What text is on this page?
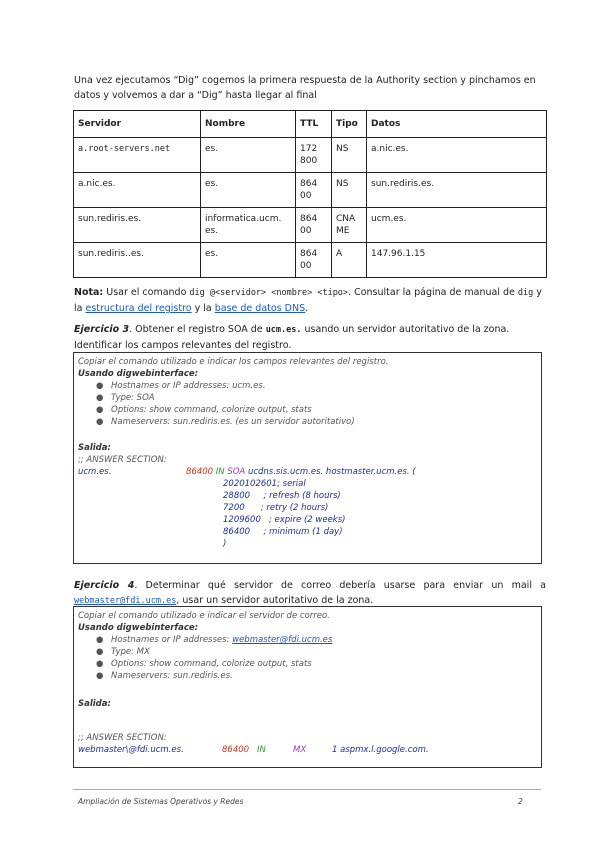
Una vez ejecutamos “Dig” cogemos la primera respuesta de la Authority section y pinchamos en datos y volvemos a dar a “Dig” hasta llegar al final
Servidor	Nombre	TTL	Tipo	Datos
a.root-servers.net	es.	172 800	NS	a.nic.es.
a.nic.es.	es.	864 00	NS	sun.rediris.es.
sun.rediris.es.	informatica.ucm. es.	864 00	CNA ME	ucm.es.
sun.rediris..es.	es.	864 00	A	147.96.1.15
Nota: Usar el comando dig @<servidor> <nombre> <tipo>. Consultar la página de manual de dig y la estructura del registro y la base de datos DNS.
Ejercicio 3. Obtener el registro SOA de ucm.es. usando un servidor autoritativo de la zona. Identificar los campos relevantes del registro.
Copiar el comando utilizado e indicar los campos relevantes del registro.
Usando digwebinterface:
● Hostnames or IP addresses: ucm.es.
● Type: SOA
● Options: show command, colorize output, stats
● Nameservers: sun.rediris.es. (es un servidor autoritativo)
Salida:
;; ANSWER SECTION:
ucm.es.	86400 IN SOA ucdns.sis.ucm.es. hostmaster.ucm.es. (
2020102601; serial
28800     ; refresh (8 hours)
7200      ; retry (2 hours)
1209600   ; expire (2 weeks)
86400     ; minimum (1 day)
)
Ejercicio 4. Determinar qué servidor de correo debería usarse para enviar un mail a webmaster@fdi.ucm.es, usar un servidor autoritativo de la zona.
Copiar el comando utilizado e indicar el servidor de correo.
Usando digwebinterface:
● Hostnames or IP addresses: webmaster@fdi.ucm.es
● Type: MX
● Options: show command, colorize output, stats
● Nameservers: sun.rediris.es.
Salida:
;; ANSWER SECTION:
webmaster\@fdi.ucm.es.	86400 IN	MX	1 aspmx.l.google.com.
Ampliación de Sistemas Operativos y Redes	2
